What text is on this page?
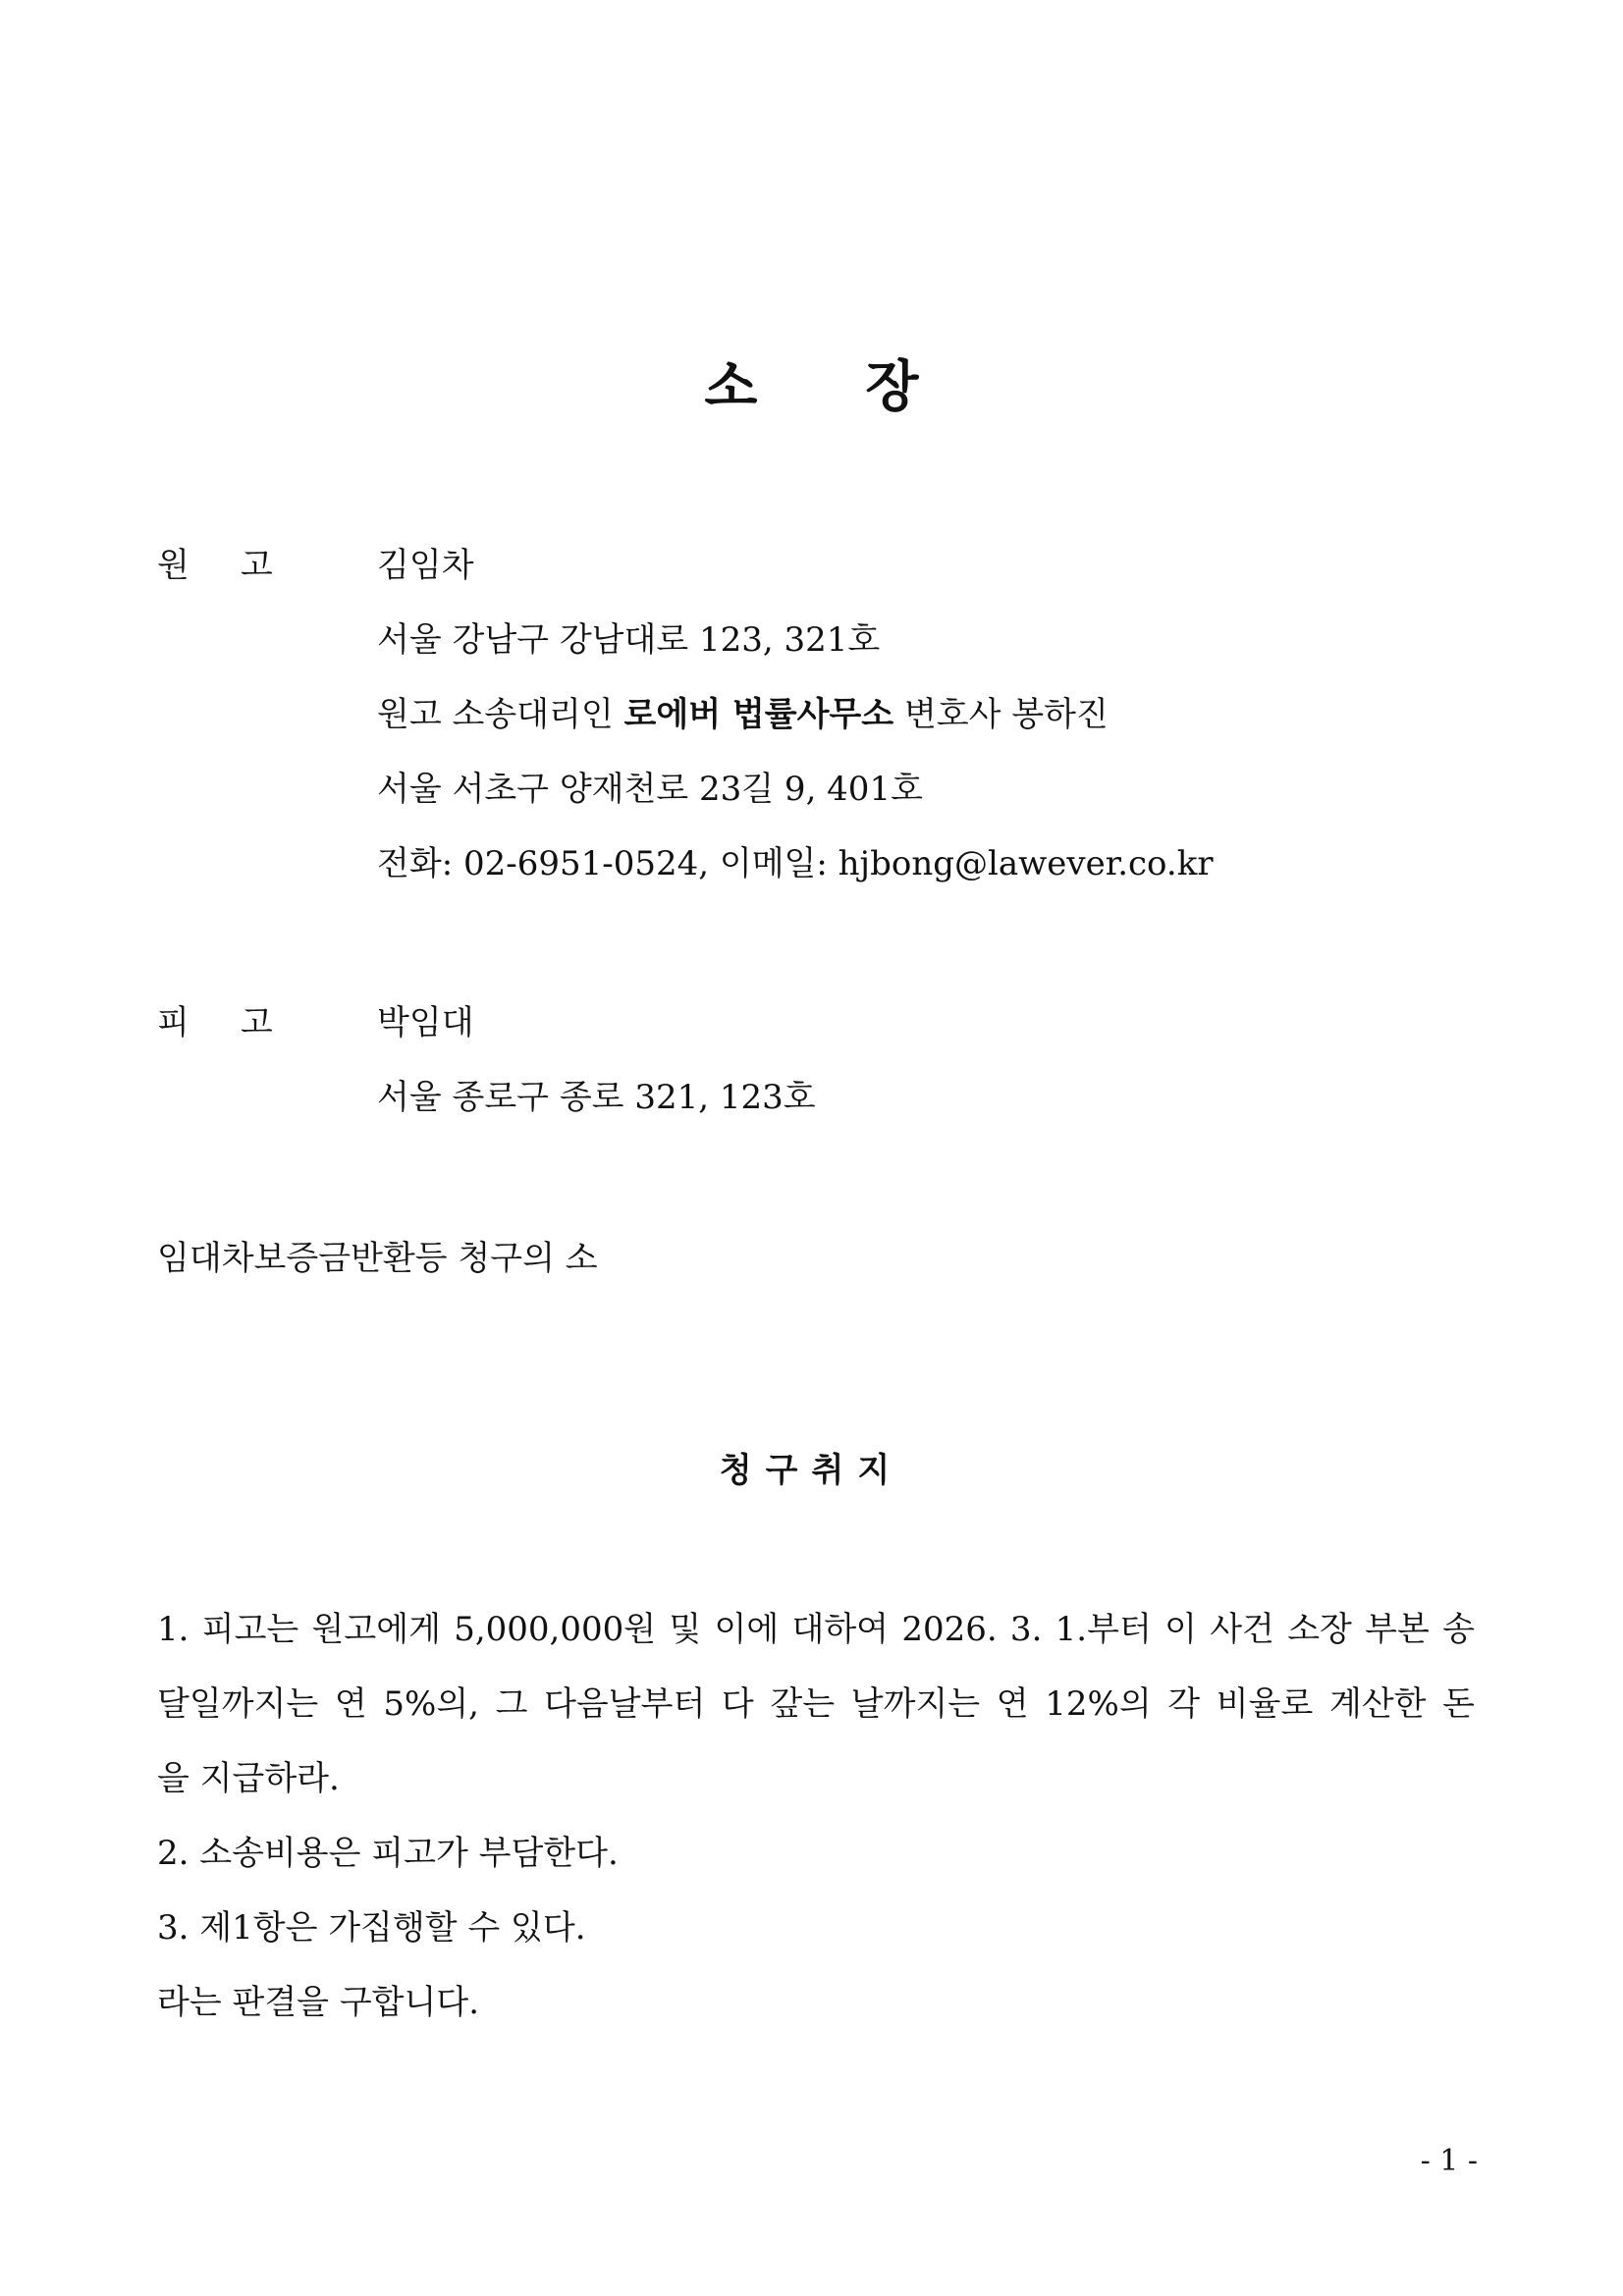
소 장
원 고	김임차
서울 강남구 강남대로 123, 321호
원고 소송대리인 로에버 법률사무소 변호사 봉하진
서울 서초구 양재천로 23길 9, 401호
전화: 02-6951-0524, 이메일: hjbong@lawever.co.kr
피 고	박임대
서울 종로구 종로 321, 123호
임대차보증금반환등 청구의 소
청구취지
1. 피고는 원고에게 5,000,000원 및 이에 대하여 2026. 3. 1.부터 이 사건 소장 부본 송
달일까지는 연 5%의, 그 다음날부터 다 갚는 날까지는 연 12%의 각 비율로 계산한 돈
을 지급하라.
2. 소송비용은 피고가 부담한다.
3. 제1항은 가집행할 수 있다.
라는 판결을 구합니다.
- 1 -
